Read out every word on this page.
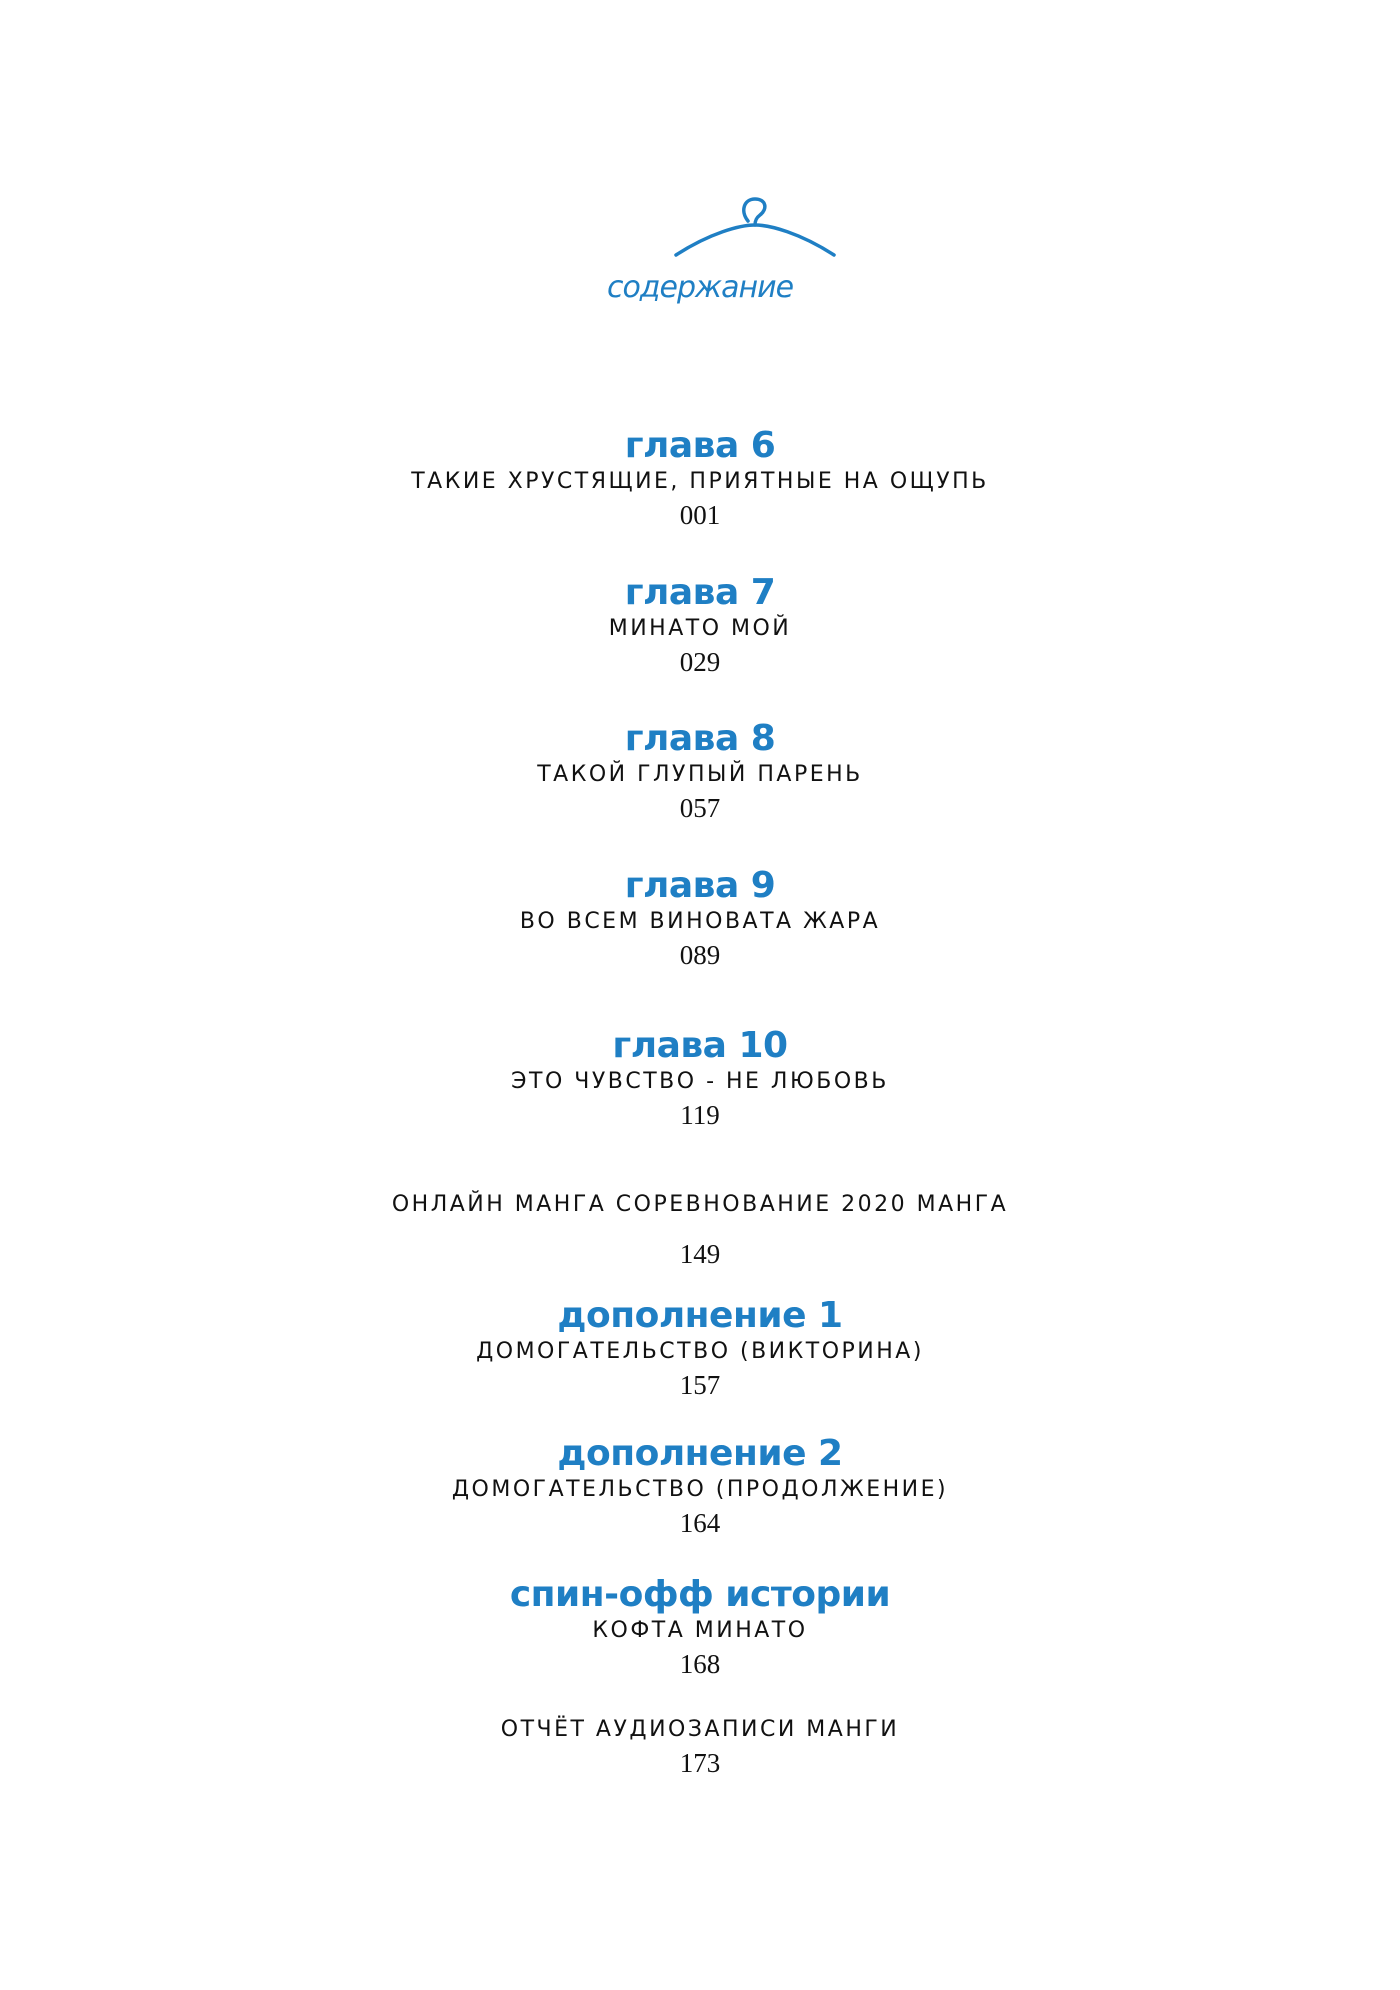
содержание
глава 6
ТАКИЕ ХРУСТЯЩИЕ, ПРИЯТНЫЕ НА ОЩУПЬ
001
глава 7
МИНАТО МОЙ
029
глава 8
ТАКОЙ ГЛУПЫЙ ПАРЕНЬ
057
глава 9
ВО ВСЕМ ВИНОВАТА ЖАРА
089
глава 10
ЭТО ЧУВСТВО - НЕ ЛЮБОВЬ
119
ОНЛАЙН МАНГА СОРЕВНОВАНИЕ 2020 МАНГА
149
дополнение 1
ДОМОГАТЕЛЬСТВО (ВИКТОРИНА)
157
дополнение 2
ДОМОГАТЕЛЬСТВО (ПРОДОЛЖЕНИЕ)
164
спин-офф истории
КОФТА МИНАТО
168
ОТЧЁТ АУДИОЗАПИСИ МАНГИ
173
